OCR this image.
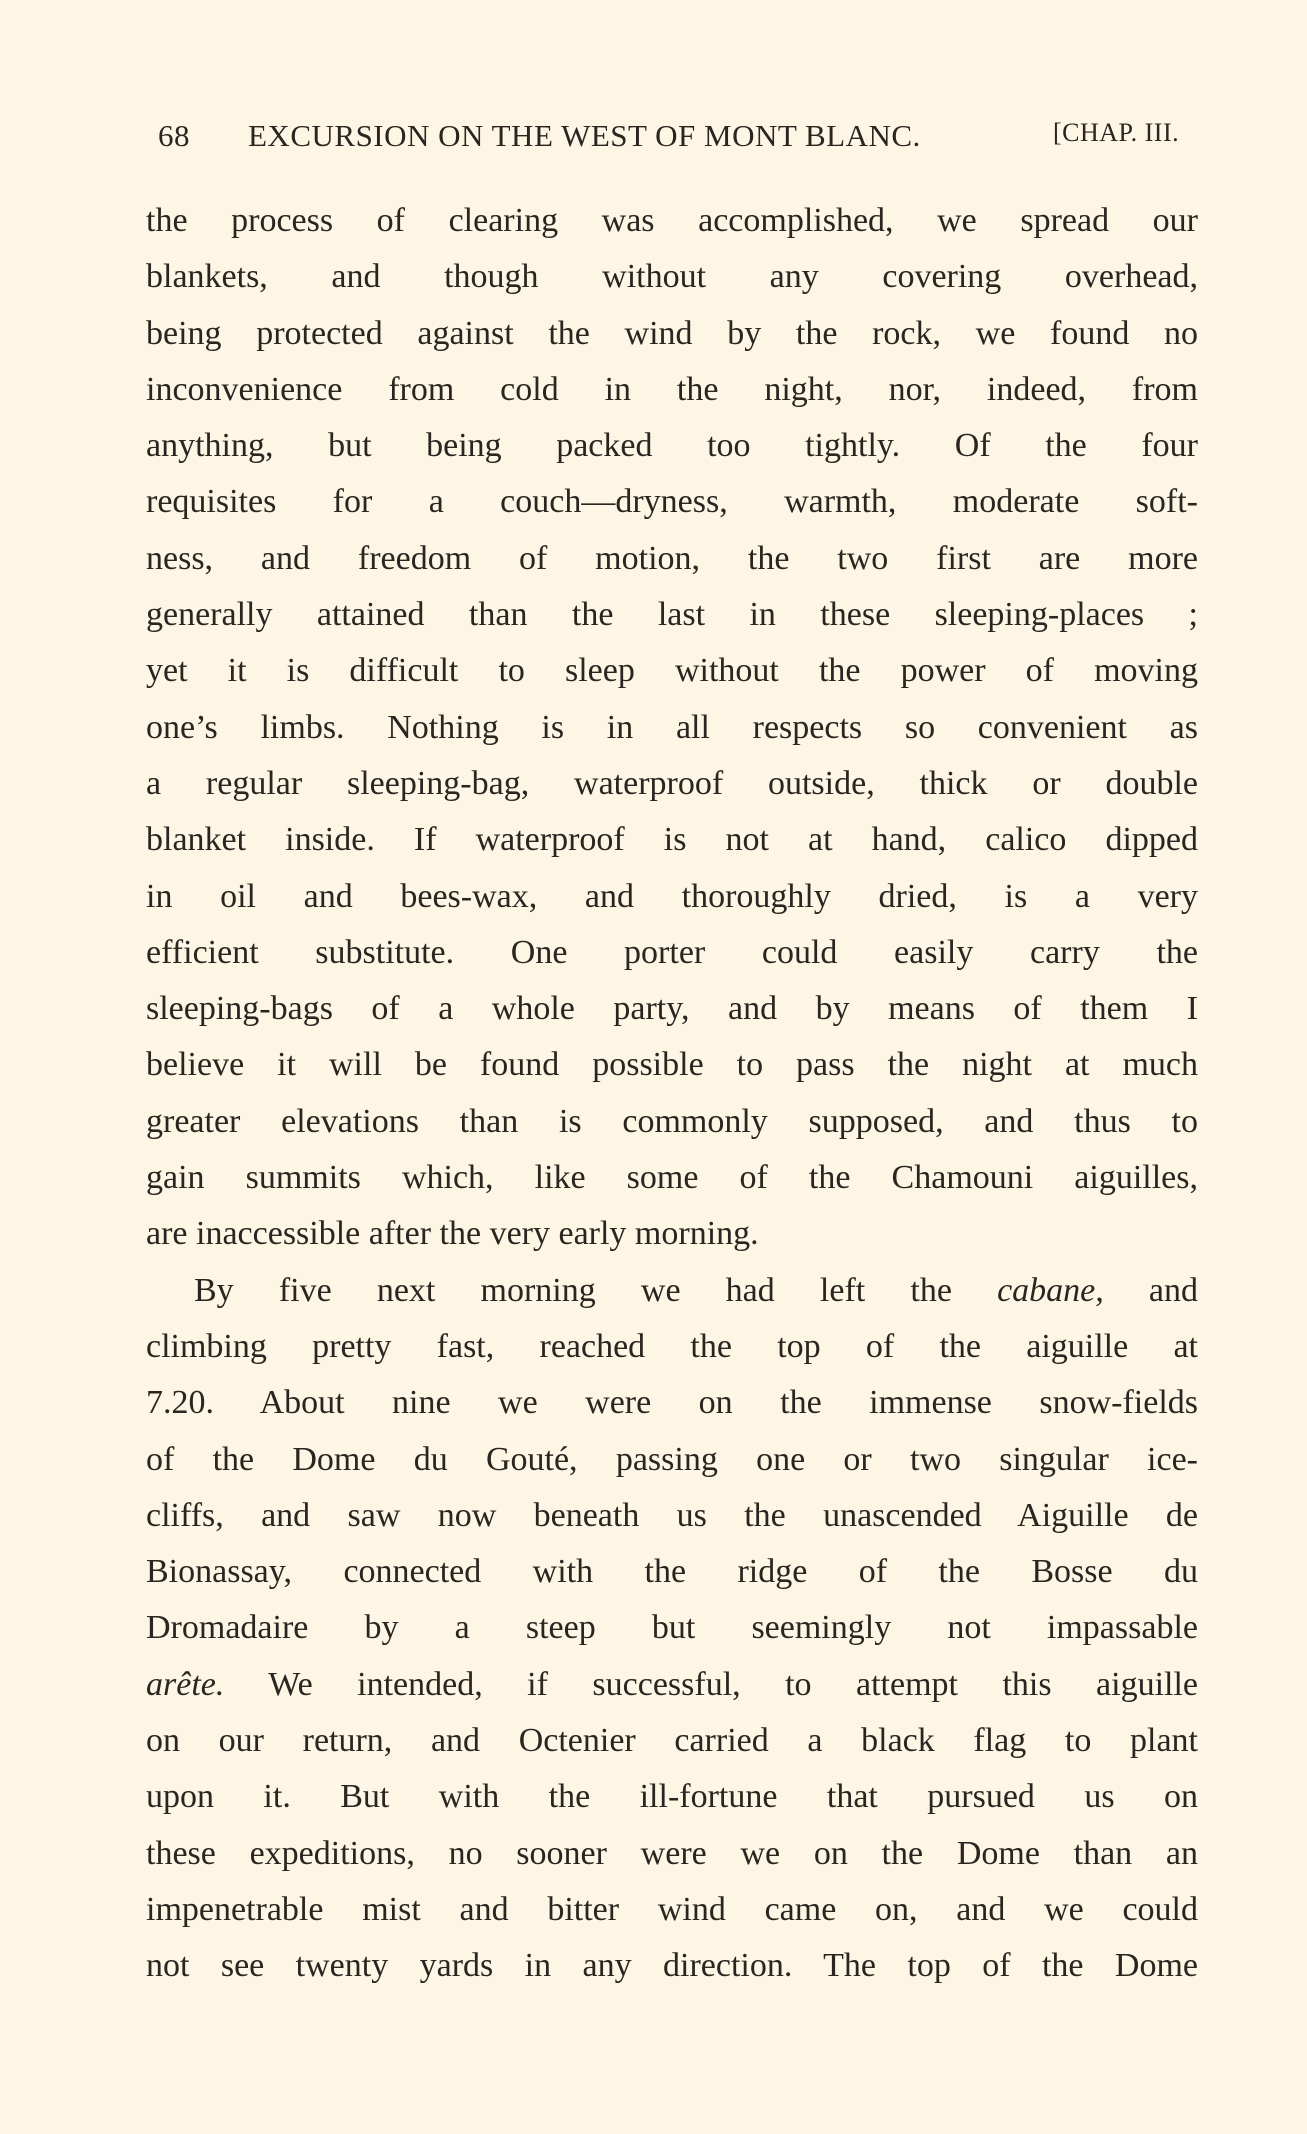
68 EXCURSION ON THE WEST OF MONT BLANC.	[CHAP. III.
the process of clearing was accomplished, we spread our
blankets, and though without any covering overhead,
being protected against the wind by the rock, we found no
inconvenience from cold in the night, nor, indeed, from
anything, but being packed too tightly. Of the four
requisites for a couch—dryness, warmth, moderate soft-
ness, and freedom of motion, the two first are more
generally attained than the last in these sleeping-places ;
yet it is difficult to sleep without the power of moving
one’s limbs. Nothing is in all respects so convenient as
a regular sleeping-bag, waterproof outside, thick or double
blanket inside. If waterproof is not at hand, calico dipped
in oil and bees-wax, and thoroughly dried, is a very
efficient substitute. One porter could easily carry the
sleeping-bags of a whole party, and by means of them I
believe it will be found possible to pass the night at much
greater elevations than is commonly supposed, and thus to
gain summits which, like some of the Chamouni aiguilles,
are inaccessible after the very early morning.
By five next morning we had left the cabane, and
climbing pretty fast, reached the top of the aiguille at
7.20. About nine we were on the immense snow-fields
of the Dome du Gouté, passing one or two singular ice-
cliffs, and saw now beneath us the unascended Aiguille de
Bionassay, connected with the ridge of the Bosse du
Dromadaire by a steep but seemingly not impassable
arête. We intended, if successful, to attempt this aiguille
on our return, and Octenier carried a black flag to plant
upon it. But with the ill-fortune that pursued us on
these expeditions, no sooner were we on the Dome than an
impenetrable mist and bitter wind came on, and we could
not see twenty yards in any direction. The top of the Dome
